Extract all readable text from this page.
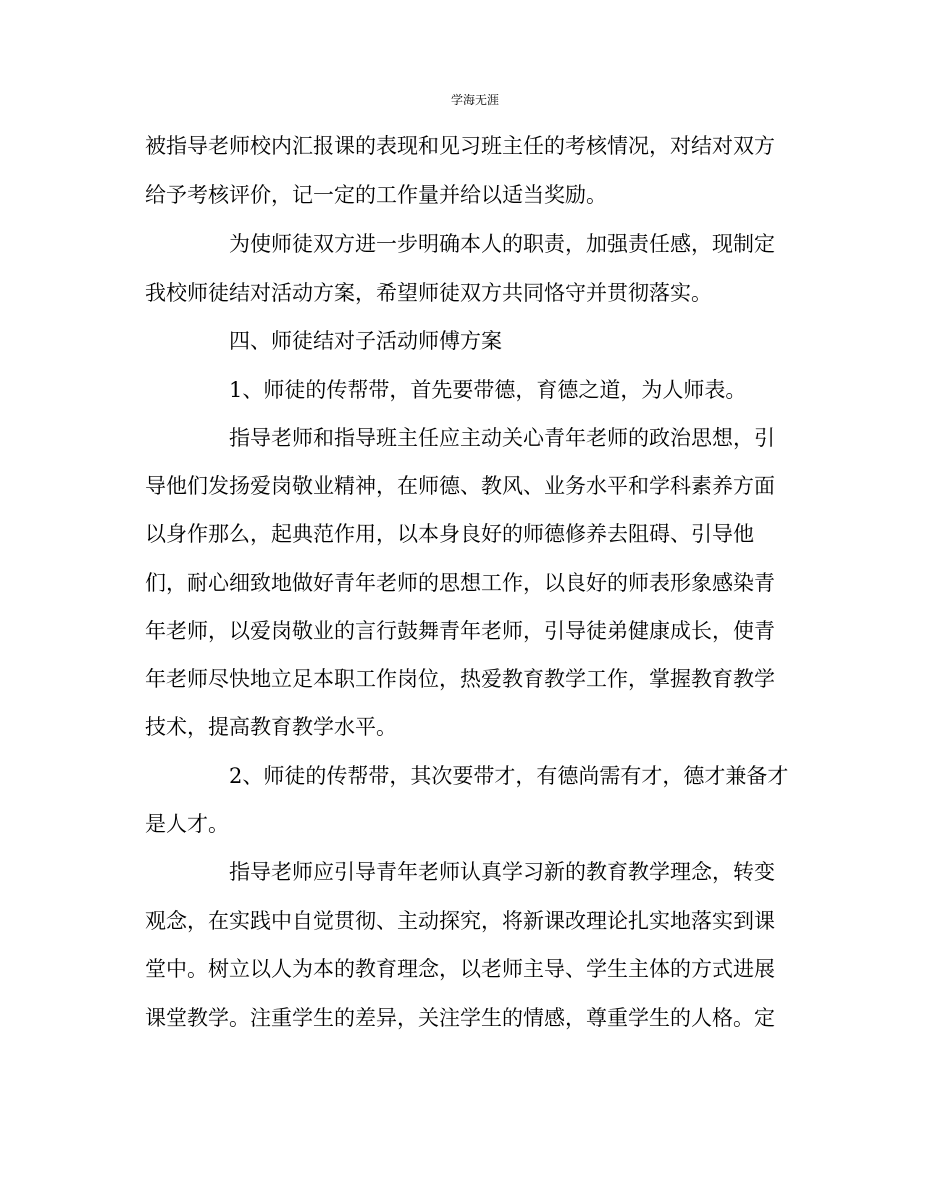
学海无涯
被指导老师校内汇报课的表现和见习班主任的考核情况，对结对双方
给予考核评价，记一定的工作量并给以适当奖励。
为使师徒双方进一步明确本人的职责，加强责任感，现制定
我校师徒结对活动方案，希望师徒双方共同恪守并贯彻落实。
四、师徒结对子活动师傅方案
1、师徒的传帮带，首先要带德，育德之道，为人师表。
指导老师和指导班主任应主动关心青年老师的政治思想，引
导他们发扬爱岗敬业精神，在师德、教风、业务水平和学科素养方面
以身作那么，起典范作用，以本身良好的师德修养去阻碍、引导他
们，耐心细致地做好青年老师的思想工作，以良好的师表形象感染青
年老师，以爱岗敬业的言行鼓舞青年老师，引导徒弟健康成长，使青
年老师尽快地立足本职工作岗位，热爱教育教学工作，掌握教育教学
技术，提高教育教学水平。
2、师徒的传帮带，其次要带才，有德尚需有才，德才兼备才
是人才。
指导老师应引导青年老师认真学习新的教育教学理念，转变
观念，在实践中自觉贯彻、主动探究，将新课改理论扎实地落实到课
堂中。树立以人为本的教育理念，以老师主导、学生主体的方式进展
课堂教学。注重学生的差异，关注学生的情感，尊重学生的人格。定
